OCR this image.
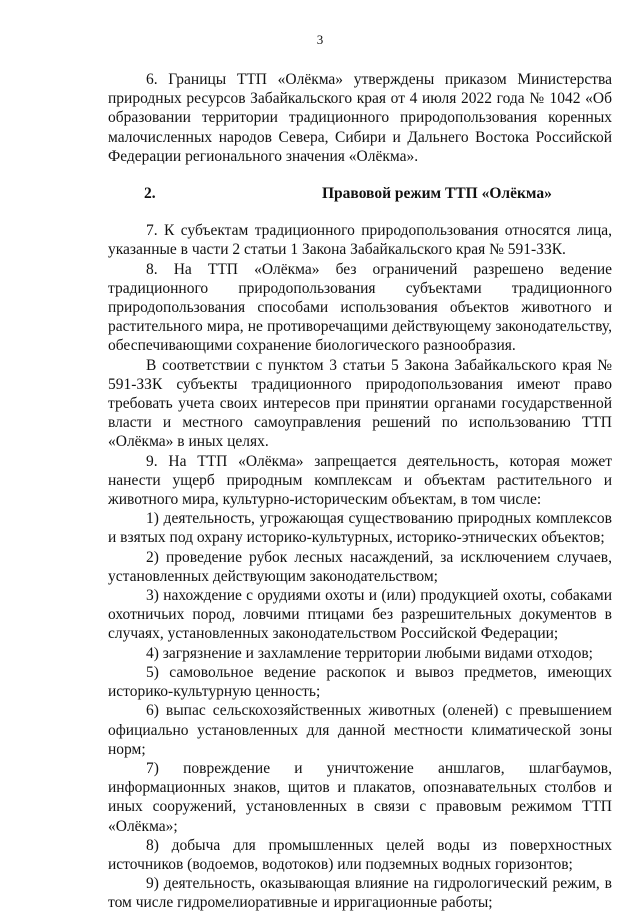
3

6. Границы ТТП «Олёкма» утверждены приказом Министерства природных ресурсов Забайкальского края от 4 июля 2022 года № 1042 «Об образовании территории традиционного природопользования коренных малочисленных народов Севера, Сибири и Дальнего Востока Российской Федерации регионального значения «Олёкма».

2.	Правовой режим ТТП «Олёкма»

7. К субъектам традиционного природопользования относятся лица, указанные в части 2 статьи 1 Закона Забайкальского края № 591-ЗЗК.

8. На ТТП «Олёкма» без ограничений разрешено ведение традиционного природопользования субъектами традиционного природопользования способами использования объектов животного и растительного мира, не противоречащими действующему законодательству, обеспечивающими сохранение биологического разнообразия.

В соответствии с пунктом 3 статьи 5 Закона Забайкальского края № 591-ЗЗК субъекты традиционного природопользования имеют право требовать учета своих интересов при принятии органами государственной власти и местного самоуправления решений по использованию ТТП «Олёкма» в иных целях.

9. На ТТП «Олёкма» запрещается деятельность, которая может нанести ущерб природным комплексам и объектам растительного и животного мира, культурно-историческим объектам, в том числе:

1) деятельность, угрожающая существованию природных комплексов и взятых под охрану историко-культурных, историко-этнических объектов;

2) проведение рубок лесных насаждений, за исключением случаев, установленных действующим законодательством;

3) нахождение с орудиями охоты и (или) продукцией охоты, собаками охотничьих пород, ловчими птицами без разрешительных документов в случаях, установленных законодательством Российской Федерации;

4) загрязнение и захламление территории любыми видами отходов;

5) самовольное ведение раскопок и вывоз предметов, имеющих историко-культурную ценность;

6) выпас сельскохозяйственных животных (оленей) с превышением официально установленных для данной местности климатической зоны норм;

7) повреждение и уничтожение аншлагов, шлагбаумов, информационных знаков, щитов и плакатов, опознавательных столбов и иных сооружений, установленных в связи с правовым режимом ТТП «Олёкма»;

8) добыча для промышленных целей воды из поверхностных источников (водоемов, водотоков) или подземных водных горизонтов;

9) деятельность, оказывающая влияние на гидрологический режим, в том числе гидромелиоративные и ирригационные работы;
